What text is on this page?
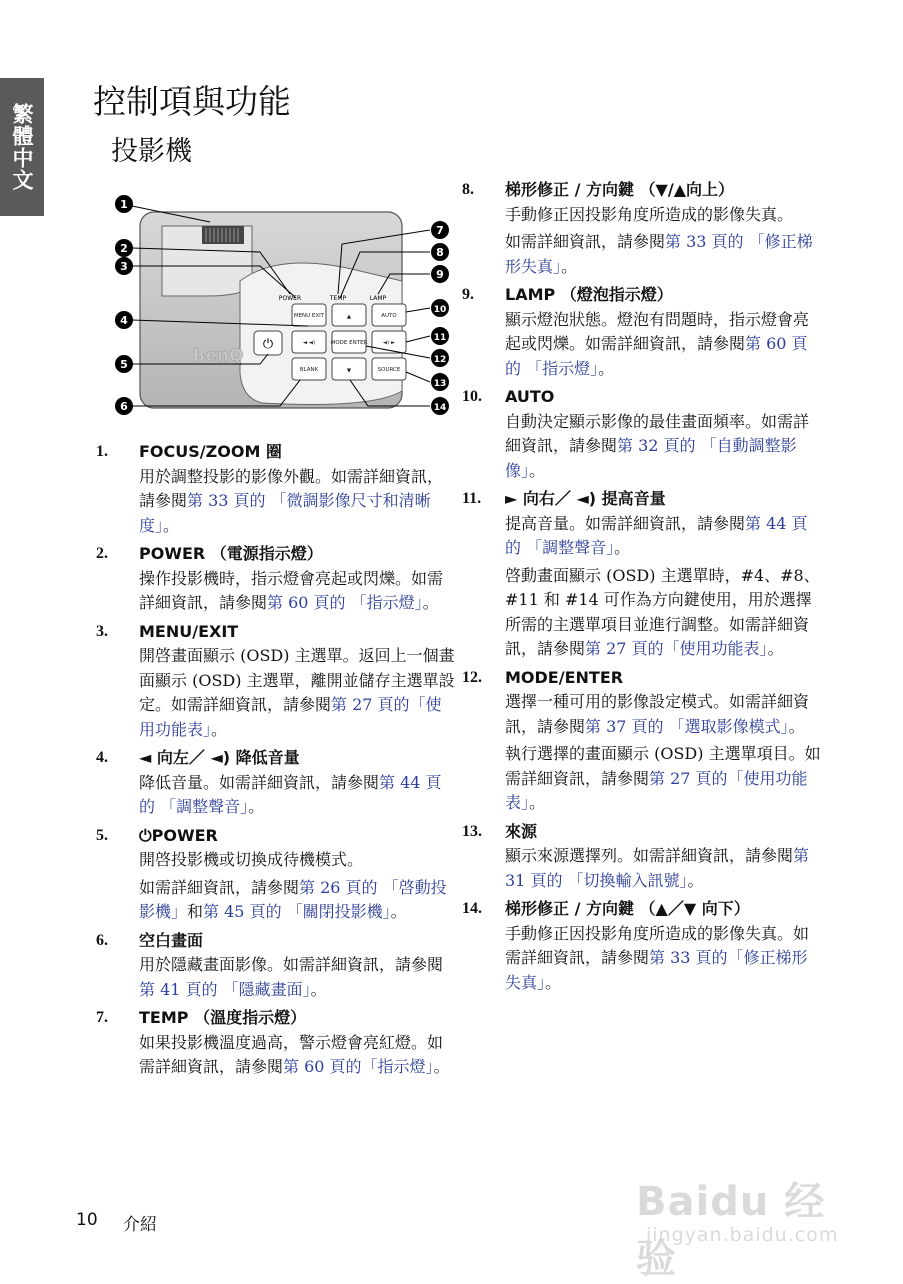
繁體中文
控制項與功能
投影機
POWER	TEMP	LAMP
MENU EXIT	▲	AUTO
◄ ◄)	MODE ENTER	◄) ►
BLANK	▼	SOURCE
⏻
BenQ
1
2
3
4
5
6
7
8
9
10
11
12
13
14
1.	FOCUS/ZOOM 圈

用於調整投影的影像外觀。如需詳細資訊，請參閱第 33 頁的 「微調影像尺寸和清晰度」。

2.	POWER （電源指示燈）

操作投影機時，指示燈會亮起或閃爍。如需詳細資訊，請參閱第 60 頁的 「指示燈」。

3.	MENU/EXIT

開啓畫面顯示 (OSD) 主選單。返回上一個畫面顯示 (OSD) 主選單，離開並儲存主選單設定。如需詳細資訊，請參閱第 27 頁的「使用功能表」。

4.	◄ 向左／ ◄) 降低音量

降低音量。如需詳細資訊，請參閱第 44 頁的 「調整聲音」。

5.	⏻POWER

開啓投影機或切換成待機模式。

如需詳細資訊，請參閱第 26 頁的 「啓動投影機」和第 45 頁的 「關閉投影機」。

6.	空白畫面

用於隱藏畫面影像。如需詳細資訊，請參閱第 41 頁的 「隱藏畫面」。

7.	TEMP （溫度指示燈）

如果投影機溫度過高，警示燈會亮紅燈。如需詳細資訊，請參閱第 60 頁的「指示燈」。

8.	梯形修正 / 方向鍵 （▼/▲向上）

手動修正因投影角度所造成的影像失真。

如需詳細資訊，請參閱第 33 頁的 「修正梯形失真」。

9.	LAMP （燈泡指示燈）

顯示燈泡狀態。燈泡有問題時，指示燈會亮起或閃爍。如需詳細資訊，請參閱第 60 頁的 「指示燈」。

10.	AUTO

自動決定顯示影像的最佳畫面頻率。如需詳細資訊，請參閱第 32 頁的 「自動調整影像」。

11.	► 向右／ ◄) 提高音量

提高音量。如需詳細資訊，請參閱第 44 頁的 「調整聲音」。

啓動畫面顯示 (OSD) 主選單時，#4、#8、#11 和 #14 可作為方向鍵使用，用於選擇所需的主選單項目並進行調整。如需詳細資訊，請參閱第 27 頁的「使用功能表」。

12.	MODE/ENTER

選擇一種可用的影像設定模式。如需詳細資訊，請參閱第 37 頁的 「選取影像模式」。

執行選擇的畫面顯示 (OSD) 主選單項目。如需詳細資訊，請參閱第 27 頁的「使用功能表」。

13.	來源

顯示來源選擇列。如需詳細資訊，請參閱第 31 頁的 「切換輸入訊號」。

14.	梯形修正 / 方向鍵 （▲／▼ 向下）

手動修正因投影角度所造成的影像失真。如需詳細資訊，請參閱第 33 頁的「修正梯形失真」。

10 介紹	Baidu 经验
jingyan.baidu.com
